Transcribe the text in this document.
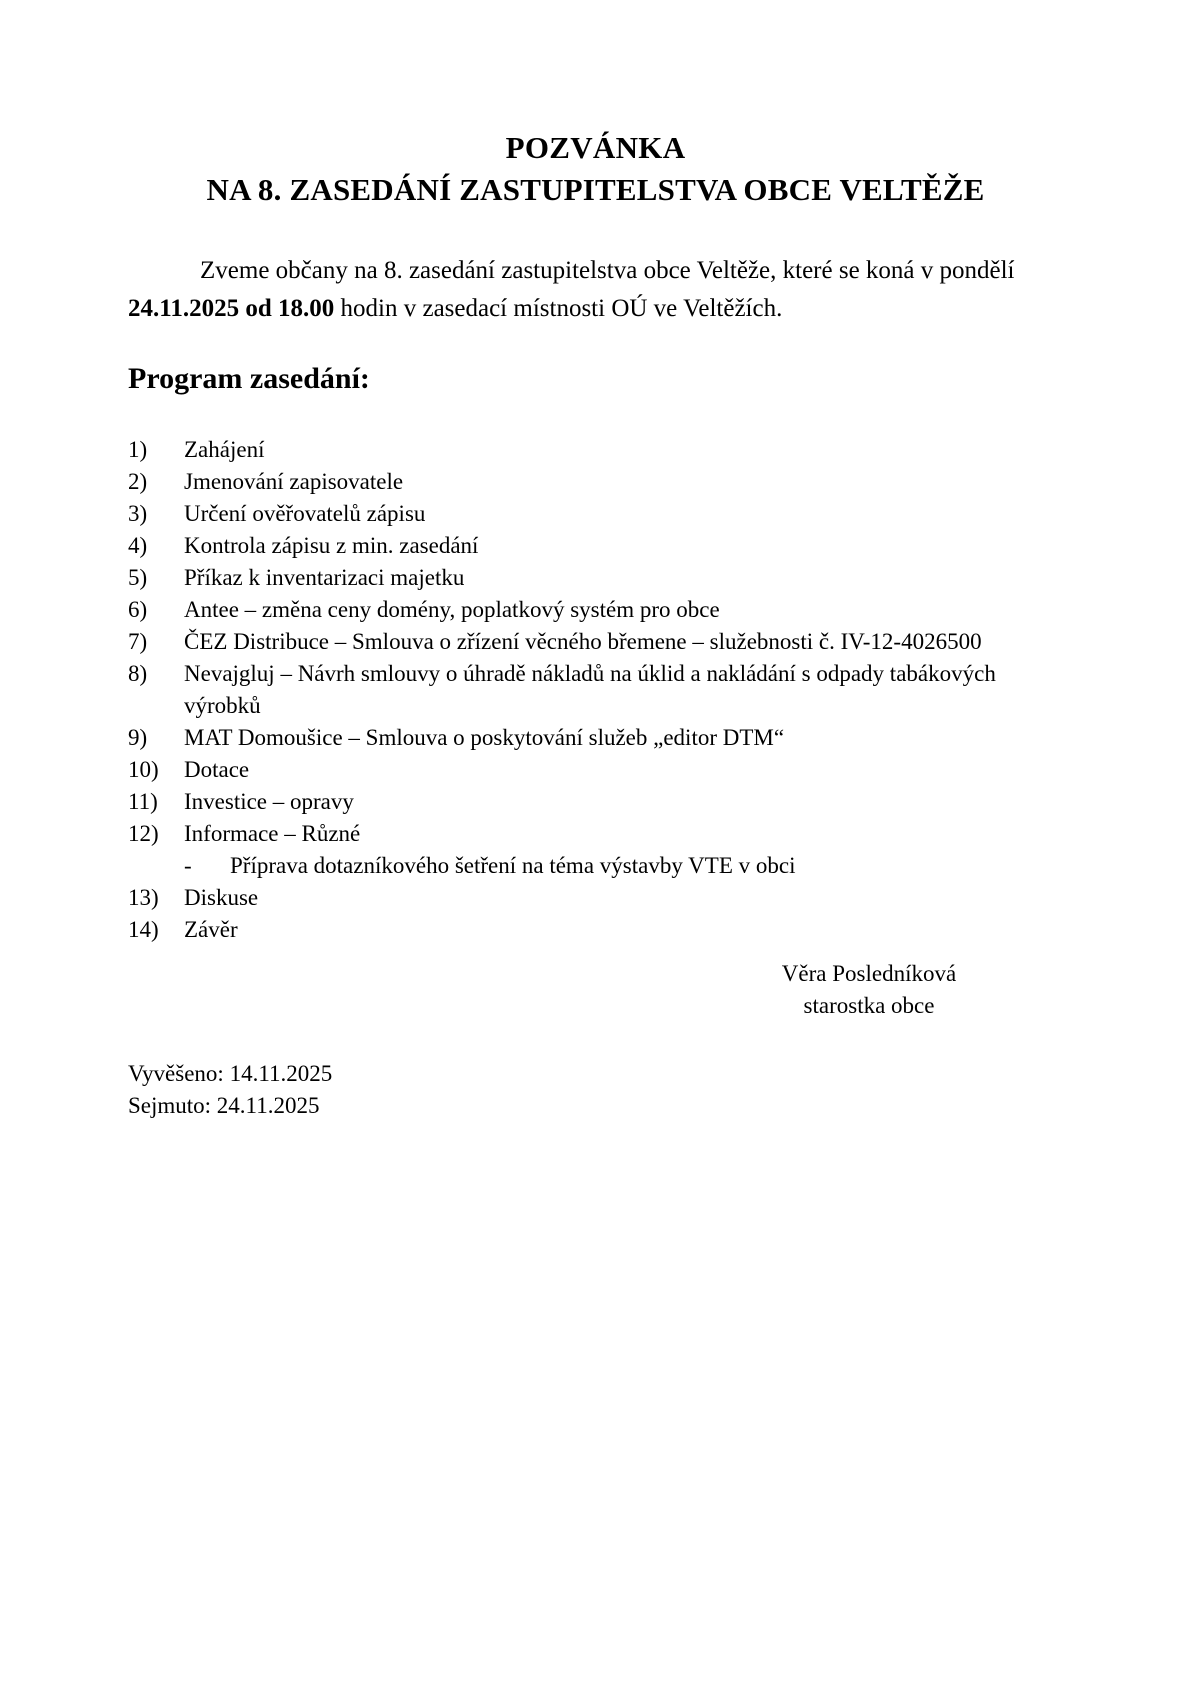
POZVÁNKA
NA 8. ZASEDÁNÍ ZASTUPITELSTVA OBCE VELTĚŽE
Zveme občany na 8. zasedání zastupitelstva obce Veltěže, které se koná v pondělí 24.11.2025 od 18.00 hodin v zasedací místnosti OÚ ve Veltěžích.
Program zasedání:
1)	Zahájení
2)	Jmenování zapisovatele
3)	Určení ověřovatelů zápisu
4)	Kontrola zápisu z min. zasedání
5)	Příkaz k inventarizaci majetku
6)	Antee – změna ceny domény, poplatkový systém pro obce
7)	ČEZ Distribuce – Smlouva o zřízení věcného břemene – služebnosti č. IV-12-4026500
8)	Nevajgluj – Návrh smlouvy o úhradě nákladů na úklid a nakládání s odpady tabákových výrobků
9)	MAT Domoušice – Smlouva o poskytování služeb „editor DTM“
10)	Dotace
11)	Investice – opravy
12)	Informace – Různé
-	Příprava dotazníkového šetření na téma výstavby VTE v obci
13)	Diskuse
14)	Závěr
Věra Posledníková
starostka obce
Vyvěšeno: 14.11.2025
Sejmuto: 24.11.2025
